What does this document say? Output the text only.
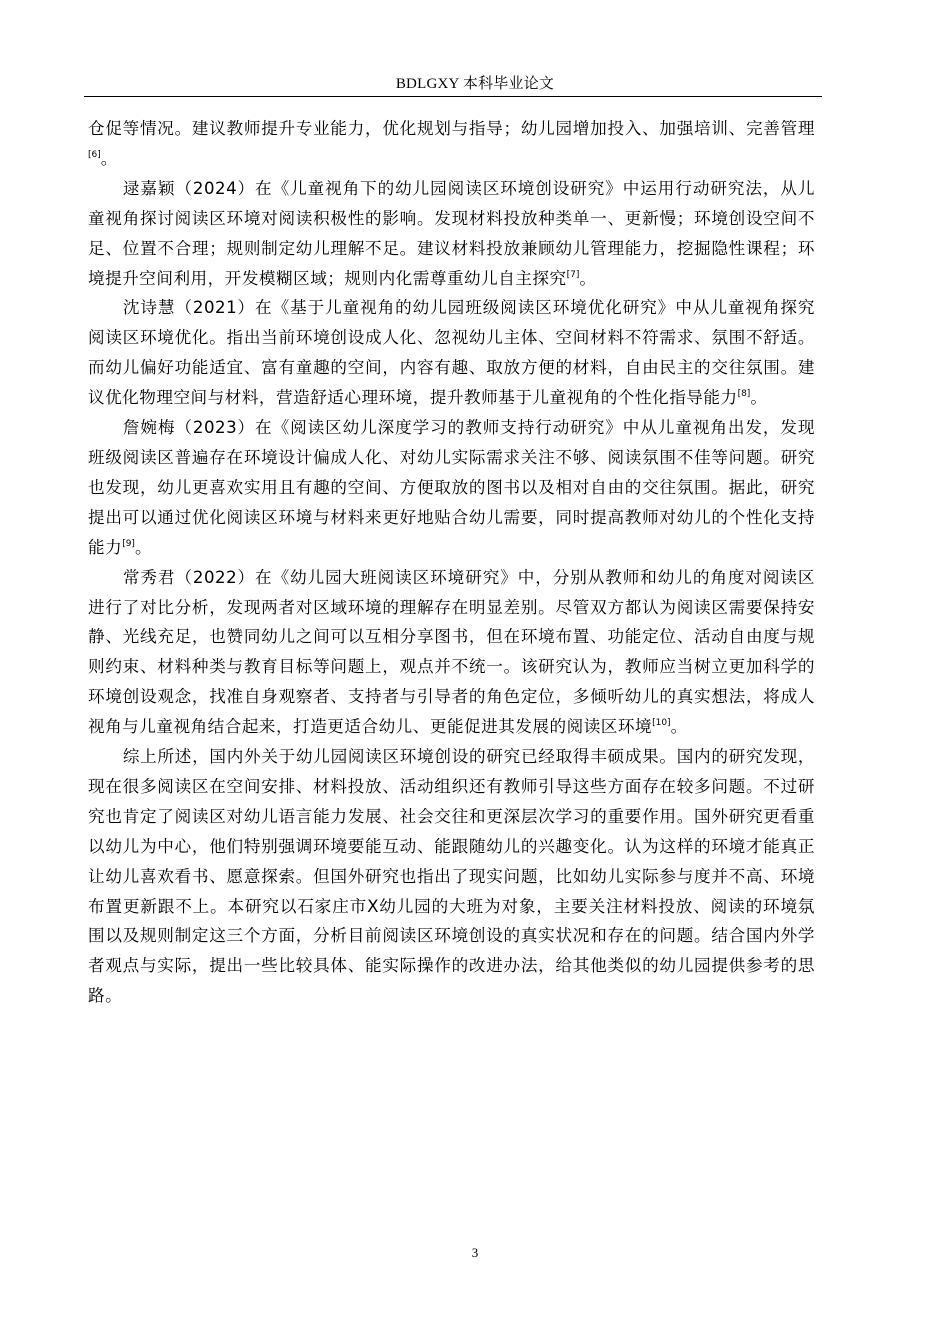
BDLGXY 本科毕业论文

仓促等情况。建议教师提升专业能力，优化规划与指导；幼儿园增加投入、加强培训、完善管理[6]。

逯嘉颖（2024）在《儿童视角下的幼儿园阅读区环境创设研究》中运用行动研究法，从儿童视角探讨阅读区环境对阅读积极性的影响。发现材料投放种类单一、更新慢；环境创设空间不足、位置不合理；规则制定幼儿理解不足。建议材料投放兼顾幼儿管理能力，挖掘隐性课程；环境提升空间利用，开发模糊区域；规则内化需尊重幼儿自主探究[7]。

沈诗慧（2021）在《基于儿童视角的幼儿园班级阅读区环境优化研究》中从儿童视角探究阅读区环境优化。指出当前环境创设成人化、忽视幼儿主体、空间材料不符需求、氛围不舒适。而幼儿偏好功能适宜、富有童趣的空间，内容有趣、取放方便的材料，自由民主的交往氛围。建议优化物理空间与材料，营造舒适心理环境，提升教师基于儿童视角的个性化指导能力[8]。

詹婉梅（2023）在《阅读区幼儿深度学习的教师支持行动研究》中从儿童视角出发，发现班级阅读区普遍存在环境设计偏成人化、对幼儿实际需求关注不够、阅读氛围不佳等问题。研究也发现，幼儿更喜欢实用且有趣的空间、方便取放的图书以及相对自由的交往氛围。据此，研究提出可以通过优化阅读区环境与材料来更好地贴合幼儿需要，同时提高教师对幼儿的个性化支持能力[9]。

常秀君（2022）在《幼儿园大班阅读区环境研究》中，分别从教师和幼儿的角度对阅读区进行了对比分析，发现两者对区域环境的理解存在明显差别。尽管双方都认为阅读区需要保持安静、光线充足，也赞同幼儿之间可以互相分享图书，但在环境布置、功能定位、活动自由度与规则约束、材料种类与教育目标等问题上，观点并不统一。该研究认为，教师应当树立更加科学的环境创设观念，找准自身观察者、支持者与引导者的角色定位，多倾听幼儿的真实想法，将成人视角与儿童视角结合起来，打造更适合幼儿、更能促进其发展的阅读区环境[10]。

综上所述，国内外关于幼儿园阅读区环境创设的研究已经取得丰硕成果。国内的研究发现，现在很多阅读区在空间安排、材料投放、活动组织还有教师引导这些方面存在较多问题。不过研究也肯定了阅读区对幼儿语言能力发展、社会交往和更深层次学习的重要作用。国外研究更看重以幼儿为中心，他们特别强调环境要能互动、能跟随幼儿的兴趣变化。认为这样的环境才能真正让幼儿喜欢看书、愿意探索。但国外研究也指出了现实问题，比如幼儿实际参与度并不高、环境布置更新跟不上。本研究以石家庄市X幼儿园的大班为对象，主要关注材料投放、阅读的环境氛围以及规则制定这三个方面，分析目前阅读区环境创设的真实状况和存在的问题。结合国内外学者观点与实际，提出一些比较具体、能实际操作的改进办法，给其他类似的幼儿园提供参考的思路。

3
